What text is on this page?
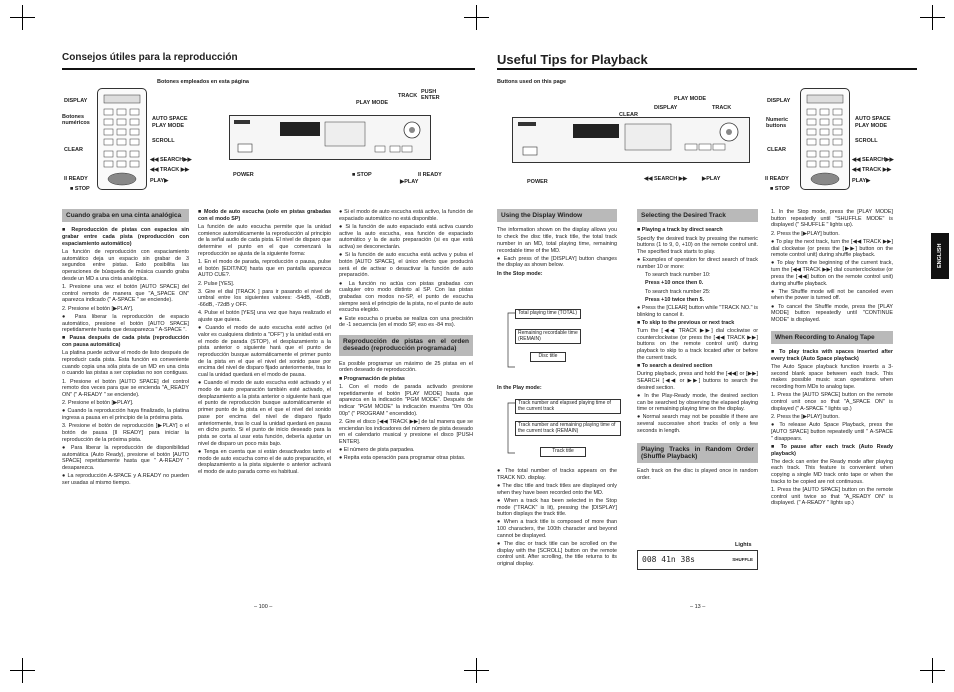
Consejos útiles para la reproducción
Botones empleados en esta página
DISPLAY
Botones
numéricos
CLEAR
II READY
■ STOP
AUTO SPACE
PLAY MODE
SCROLL
◀◀ SEARCH▶▶
◀◀ TRACK ▶▶
PLAY▶
PLAY MODE
TRACK
PUSH
ENTER
POWER	■ STOP
▶PLAY
II READY
Cuando graba en una cinta analógica

■ Reproducción de pistas con espacios sin grabar entre cada pista (reproducción con espaciamiento automático)

La función de reproducción con espaciamiento automático deja un espacio sin grabar de 3 segundos entre pistas. Esto posibilita las operaciones de búsqueda de música cuando graba desde un MD a una cinta analógica.

1. Presione una vez el botón [AUTO SPACE] del control remoto de manera que "A_SPACE ON" aparezca indicado (" A-SPACE " se enciende).

2. Presione el botón [▶PLAY].

● Para liberar la reproducción de espacio automático, presione el botón [AUTO SPACE] repetidamente hasta que desaparezca " A-SPACE ".

■ Pausa después de cada pista (reproducción con pausa automática)

La platina puede activar el modo de listo después de reproducir cada pista. Esta función es conveniente cuando copia una sóla pista de un MD en una cinta o cuando las pistas a ser copiadas no son contiguas.

1. Presione el botón [AUTO SPACE] del control remoto dos veces para que se encienda "A_READY ON" (" A-READY " se enciende).

2. Presione el botón [▶PLAY].

● Cuando la reproducción haya finalizado, la platina ingresa a pausa en el principio de la próxima pista.

3. Presione el botón de reproducción [▶PLAY] o el botón de pausa [II READY] para iniciar la reproducción de la próxima pista.

● Para liberar la reproducción de disponibilidad automática (Auto Ready), presione el botón [AUTO SPACE] repetidamente hasta que " A-READY " desaparezca.

● La reproducción A-SPACE y A.READY no pueden ser usadas al mismo tiempo.

■ Modo de auto escucha (solo en pistas grabadas con el modo SP)

La función de auto escucha permite que la unidad comience automáticamente la reproducción al principio de la señal audio de cada pista. El nivel de disparo que determine el punto en el que comenzará la reproducción se ajusta de la siguiente forma:

1. En el modo de parada, reproducción o pausa, pulse el botón [EDIT/NO] hasta que en pantalla aparezca AUTO CUE?.

2. Pulse [YES].

3. Gire el dial [TRACK ] para ir pasando el nivel de umbral entre los siguientes valores: -54dB, -60dB, -66dB, -72dB y OFF.

4. Pulse el botón [YES] una vez que haya realizado el ajuste que quiera.

● Cuando el modo de auto escucha esté activo (el valor es cualquiera distinto a "OFF") y la unidad está en el modo de parada (STOP), el desplazamiento a la pista anterior o siguiente hará que el punto de reproducción busque automáticamente el primer punto de la pista en el que el nivel del sonido pase por encima del nivel de disparo fijado anteriormente, tras lo cual la unidad quedará en el modo de pausa.

● Cuando el modo de auto escucha esté activado y el modo de auto preparación también esté activado, el desplazamiento a la pista anterior o siguiente hará que el punto de reproducción busque automáticamente el primer punto de la pista en el que el nivel del sonido pase por encima del nivel de disparo fijado anteriormente, tras lo cual la unidad quedará en pausa en dicho punto. Si el punto de inicio deseado para la pista se corta al usar esta función, debería ajustar un nivel de disparo un poco más bajo.

● Tenga en cuenta que si están desactivados tanto el modo de auto escucha como el de auto preparación, el desplazamiento a la pista siguiente o anterior activará el modo de auto parada como es habitual.

● Si el modo de auto escucha está activo, la función de espaciado automático no está disponible.

● Si la función de auto espaciado está activa cuando active la auto escucha, esa función de espaciado automático y la de auto preparación (si es que está activa) se desconectarán.

● Si la función de auto escucha está activa y pulsa el botón [AUTO SPACE], el único efecto que producirá será el de activar o desactivar la función de auto preparación.

● La función no actúa con pistas grabadas con cualquier otro modo distinto al SP. Con las pistas grabadas con modos no-SP, el punto de escucha siempre será el principio de la pista, no el punto de auto escucha elegido.

● Este escucha o prueba se realiza con una precisión de -1 secuencia (en el modo SP, eso es -84 ms).

Reproducción de pistas en el orden deseado (reproducción programada)

Es posible programar un máximo de 25 pistas en el orden deseado de reproducción.

■ Programación de pistas

1. Con el modo de parada activado presione repetidamente el botón [PLAY MODE] hasta que aparezca en la indicación "PGM MODE". Después de indicar "PGM MODE" la indicación muestra "0m 00s 00p" (" PROGRAM " encendido).

2. Gire el disco [◀◀ TRACK ▶▶] de tal manera que se enciendan los indicadores del número de pista deseado en el calendario musical y presione el disco [PUSH ENTER].

● El número de pista parpadea.

● Repita esta operación para programar otras pistas.

– 100 –
Useful Tips for Playback
Buttons used on this page
PLAY MODE
DISPLAY	TRACK
CLEAR
POWER	◀◀ SEARCH ▶▶	▶PLAY
DISPLAY
Numeric
buttons
CLEAR
II READY
■ STOP
AUTO SPACE
PLAY MODE
SCROLL
◀◀ SEARCH▶▶
◀◀ TRACK ▶▶
PLAY▶
Using the Display Window

The information shown on the display allows you to check the disc title, track title, the total track number in an MD, total playing time, remaining recordable time of the MD.

● Each press of the [DISPLAY] button changes the display as shown below.

In the Stop mode:

Total playing time (TOTAL)
Remaining recordable time (REMAIN)
Disc title

In the Play mode:

Track number and elapsed playing time of the current track
Track number and remaining playing time of the current track (REMAIN)
Track title

● The total number of tracks appears on the TRACK NO. display.

● The disc title and track titles are displayed only when they have been recorded onto the MD.

● When a track has been selected in the Stop mode ("TRACK" is lit), pressing the [DISPLAY] button displays the track title.

● When a track title is composed of more than 100 characters, the 100th character and beyond cannot be displayed.

● The disc or track title can be scrolled on the display with the [SCROLL] button on the remote control unit. After scrolling, the title returns to its original display.

Selecting the Desired Track

■ Playing a track by direct search

Specify the desired track by pressing the numeric buttons (1 to 9, 0, +10) on the remote control unit. The specified track starts to play.

● Examples of operation for direct search of track number 10 or more:

To search track number 10:

Press +10 once then 0.

To search track number 25:

Press +10 twice then 5.

● Press the [CLEAR] button while "TRACK NO." is blinking to cancel it.

■ To skip to the previous or next track

Turn the [◀◀ TRACK ▶▶] dial clockwise or counterclockwise (or press the [◀◀ TRACK ▶▶] buttons on the remote control unit) during playback to skip to a track located after or before the current track.

■ To search a desired section

During playback, press and hold the [◀◀] or [▶▶] SEARCH [◀◀ or ▶▶] buttons to search the desired section.

● In the Play-Ready mode, the desired section can be searched by observing the elapsed playing time or remaining playing time on the display.

● Normal search may not be possible if there are several successive short tracks of only a few seconds in length.

Playing Tracks in Random Order (Shuffle Playback)

Each track on the disc is played once in random order.

Lights
008 41n 38s	SHUFFLE

1. In the Stop mode, press the [PLAY MODE] button repeatedly until "SHUFFLE MODE" is displayed (" SHUFFLE " lights up).

2. Press the [▶PLAY] button.

● To play the next track, turn the [◀◀ TRACK ▶▶] dial clockwise (or press the [▶▶] button on the remote control unit) during shuffle playback.

● To play from the beginning of the current track, turn the [◀◀ TRACK ▶▶] dial counterclockwise (or press the [◀◀] button on the remote control unit) during shuffle playback.

● The Shuffle mode will not be canceled even when the power is turned off.

● To cancel the Shuffle mode, press the [PLAY MODE] button repeatedly until "CONTINUE MODE" is displayed.

When Recording to Analog Tape

■ To play tracks with spaces inserted after every track (Auto Space playback)

The Auto Space playback function inserts a 3-second blank space between each track. This makes possible music scan operations when recording from MDs to analog tape.

1. Press the [AUTO SPACE] button on the remote control unit once so that "A_SPACE ON" is displayed (" A-SPACE " lights up.)

2. Press the [▶PLAY] button.

● To release Auto Space Playback, press the [AUTO SPACE] button repeatedly until " A-SPACE " disappears.

■ To pause after each track (Auto Ready playback)

The deck can enter the Ready mode after playing each track. This feature is convenient when copying a single MD track onto tape or when the tracks to be copied are not continuous.

1. Press the [AUTO SPACE] button on the remote control unit twice so that "A_READY ON" is displayed. (" A-READY " lights up.)

– 13 –
ENGLISH
